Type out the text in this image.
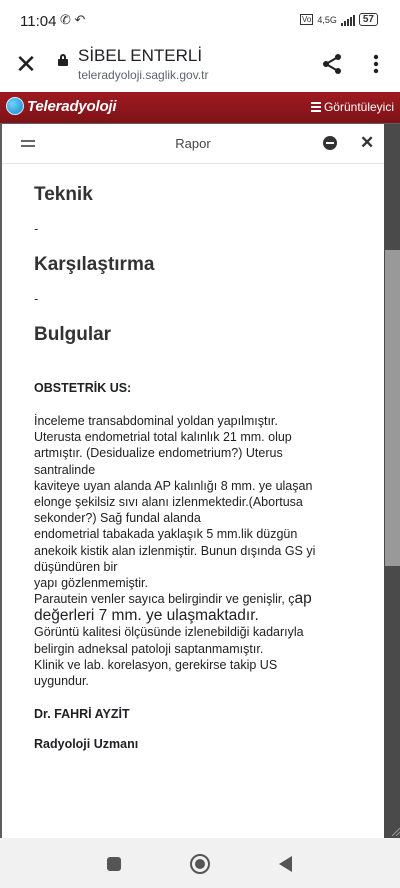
11:04 ✆ ↶	Vo 4,5G	57
✕ SİBEL ENTERLİ
teleradyoloji.saglik.gov.tr
Teleradyoloji	Görüntüleyici
Rapor	✕
Teknik
-
Karşılaştırma
-
Bulgular
OBSTETRİK US:
İnceleme transabdominal yoldan yapılmıştır.
Uterusta endometrial total kalınlık 21 mm. olup
artmıştır. (Desidualize endometrium?) Uterus
santralinde
kaviteye uyan alanda AP kalınlığı 8 mm. ye ulaşan
elonge şekilsiz sıvı alanı izlenmektedir.(Abortusa
sekonder?) Sağ fundal alanda
endometrial tabakada yaklaşık 5 mm.lik düzgün
anekoik kistik alan izlenmiştir. Bunun dışında GS yi
düşündüren bir
yapı gözlenmemiştir.
Parautein venler sayıca belirgindir ve genişlir, çap
değerleri 7 mm. ye ulaşmaktadır.
Görüntü kalitesi ölçüsünde izlenebildiği kadarıyla
belirgin adneksal patoloji saptanmamıştır.
Klinik ve lab. korelasyon, gerekirse takip US
uygundur.
Dr. FAHRİ AYZİT
Radyoloji Uzmanı
